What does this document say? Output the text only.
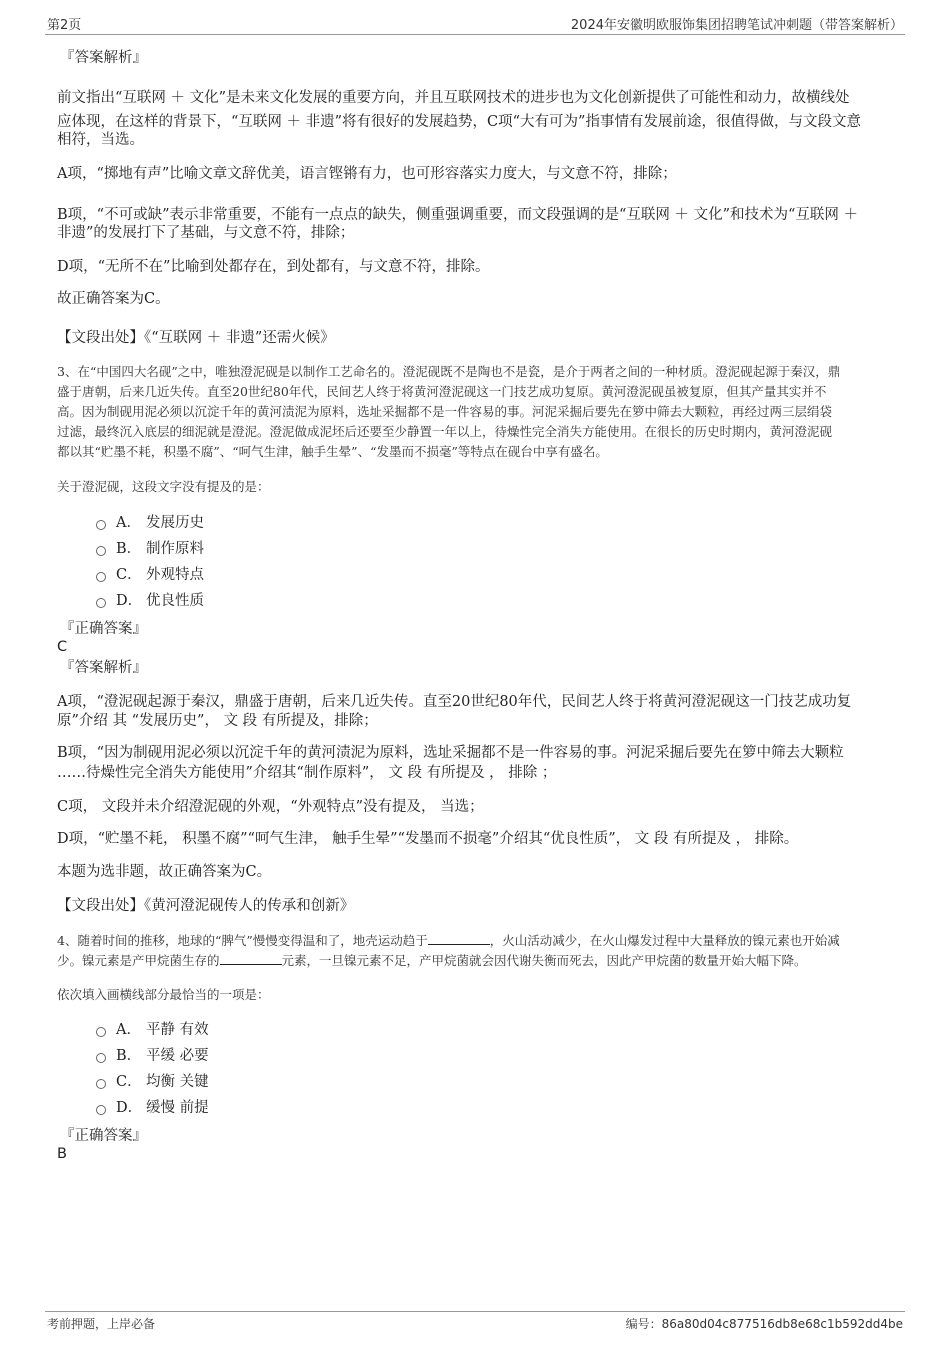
第2页	2024年安徽明欧服饰集团招聘笔试冲刺题（带答案解析）
『答案解析』
前文指出“互联网 ＋ 文化”是未来文化发展的重要方向，并且互联网技术的进步也为文化创新提供了可能性和动力，故横线处
应体现，在这样的背景下，“互联网 ＋ 非遗”将有很好的发展趋势，C项“大有可为”指事情有发展前途，很值得做，与文段文意
相符，当选。
A项，“掷地有声”比喻文章文辞优美，语言铿锵有力，也可形容落实力度大，与文意不符，排除；
B项，“不可或缺”表示非常重要，不能有一点点的缺失，侧重强调重要，而文段强调的是“互联网 ＋ 文化”和技术为“互联网 ＋
非遗”的发展打下了基础，与文意不符，排除；
D项，“无所不在”比喻到处都存在，到处都有，与文意不符，排除。
故正确答案为C。
【文段出处】《“互联网 ＋ 非遗”还需火候》
3、在“中国四大名砚”之中，唯独澄泥砚是以制作工艺命名的。澄泥砚既不是陶也不是瓷，是介于两者之间的一种材质。澄泥砚起源于秦汉，鼎
盛于唐朝，后来几近失传。直至20世纪80年代，民间艺人终于将黄河澄泥砚这一门技艺成功复原。黄河澄泥砚虽被复原，但其产量其实并不
高。因为制砚用泥必须以沉淀千年的黄河渍泥为原料，选址采掘都不是一件容易的事。河泥采掘后要先在箩中筛去大颗粒，再经过两三层绢袋
过滤，最终沉入底层的细泥就是澄泥。澄泥做成泥坯后还要至少静置一年以上，待燥性完全消失方能使用。在很长的历史时期内，黄河澄泥砚
都以其“贮墨不耗，积墨不腐”、“呵气生津，触手生晕”、“发墨而不损毫”等特点在砚台中享有盛名。
关于澄泥砚，这段文字没有提及的是：
A． 发展历史
B． 制作原料
C． 外观特点
D． 优良性质
『正确答案』
C
『答案解析』
A项，“澄泥砚起源于秦汉，鼎盛于唐朝，后来几近失传。直至20世纪80年代，民间艺人终于将黄河澄泥砚这一门技艺成功复
原”介绍 其 “发展历史”， 文 段 有所提及，排除；
B项，“因为制砚用泥必须以沉淀千年的黄河渍泥为原料，选址采掘都不是一件容易的事。河泥采掘后要先在箩中筛去大颗粒
……待燥性完全消失方能使用”介绍其“制作原料”， 文 段 有所提及 ， 排除 ；
C项， 文段并未介绍澄泥砚的外观，“外观特点”没有提及， 当选；
D项，“贮墨不耗， 积墨不腐”“呵气生津， 触手生晕”“发墨而不损毫”介绍其“优良性质”， 文 段 有所提及 ， 排除。
本题为选非题，故正确答案为C。
【文段出处】《黄河澄泥砚传人的传承和创新》
4、随着时间的推移，地球的“脾气”慢慢变得温和了，地壳运动趋于	，火山活动减少，在火山爆发过程中大量释放的镍元素也开始减
少。镍元素是产甲烷菌生存的	元素，一旦镍元素不足，产甲烷菌就会因代谢失衡而死去，因此产甲烷菌的数量开始大幅下降。
依次填入画横线部分最恰当的一项是：
A． 平静 有效
B． 平缓 必要
C． 均衡 关键
D． 缓慢 前提
『正确答案』
B
考前押题，上岸必备	编号：86a80d04c877516db8e68c1b592dd4be
